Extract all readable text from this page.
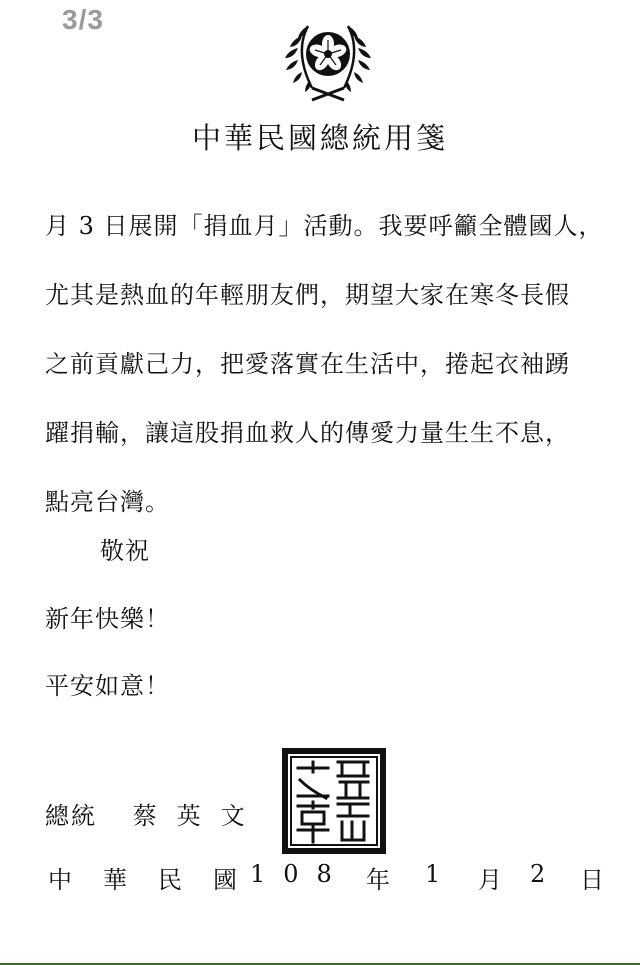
3/3
中華民國總統用箋
月 3 日展開「捐血月」活動。我要呼籲全體國人，
尤其是熱血的年輕朋友們，期望大家在寒冬長假
之前貢獻己力，把愛落實在生活中，捲起衣袖踴
躍捐輸，讓這股捐血救人的傳愛力量生生不息，
點亮台灣。
敬祝
新年快樂！
平安如意！
總統 蔡英文
中華民國
108 年 1 月 2 日
